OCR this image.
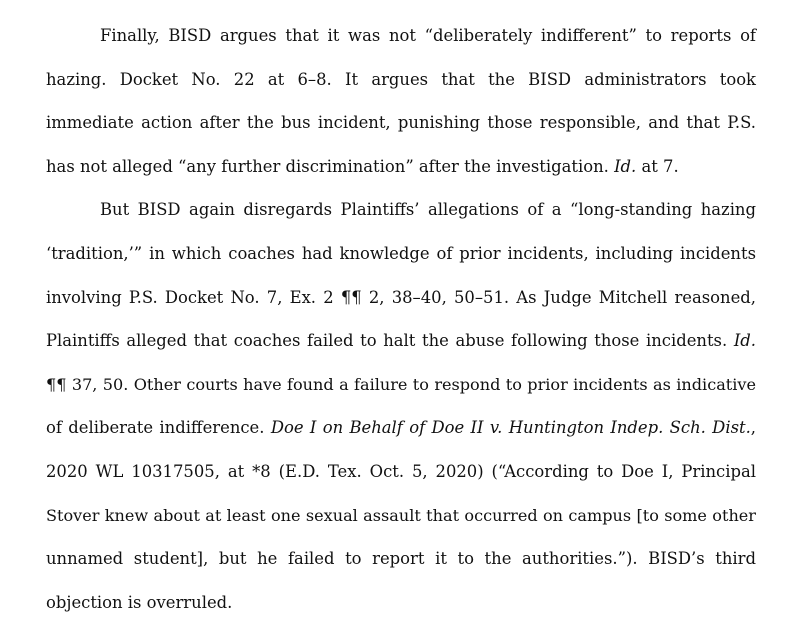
Finally, BISD argues that it was not “deliberately indifferent” to reports of
hazing. Docket No. 22 at 6–8. It argues that the BISD administrators took
immediate action after the bus incident, punishing those responsible, and that P.S.
has not alleged “any further discrimination” after the investigation. Id. at 7.
But BISD again disregards Plaintiffs’ allegations of a “long-standing hazing
‘tradition,’” in which coaches had knowledge of prior incidents, including incidents
involving P.S. Docket No. 7, Ex. 2 ¶¶ 2, 38–40, 50–51. As Judge Mitchell reasoned,
Plaintiffs alleged that coaches failed to halt the abuse following those incidents. Id.
¶¶ 37, 50. Other courts have found a failure to respond to prior incidents as indicative
of deliberate indifference. Doe I on Behalf of Doe II v. Huntington Indep. Sch. Dist.,
2020 WL 10317505, at *8 (E.D. Tex. Oct. 5, 2020) (“According to Doe I, Principal
Stover knew about at least one sexual assault that occurred on campus [to some other
unnamed student], but he failed to report it to the authorities.”). BISD’s third
objection is overruled.
